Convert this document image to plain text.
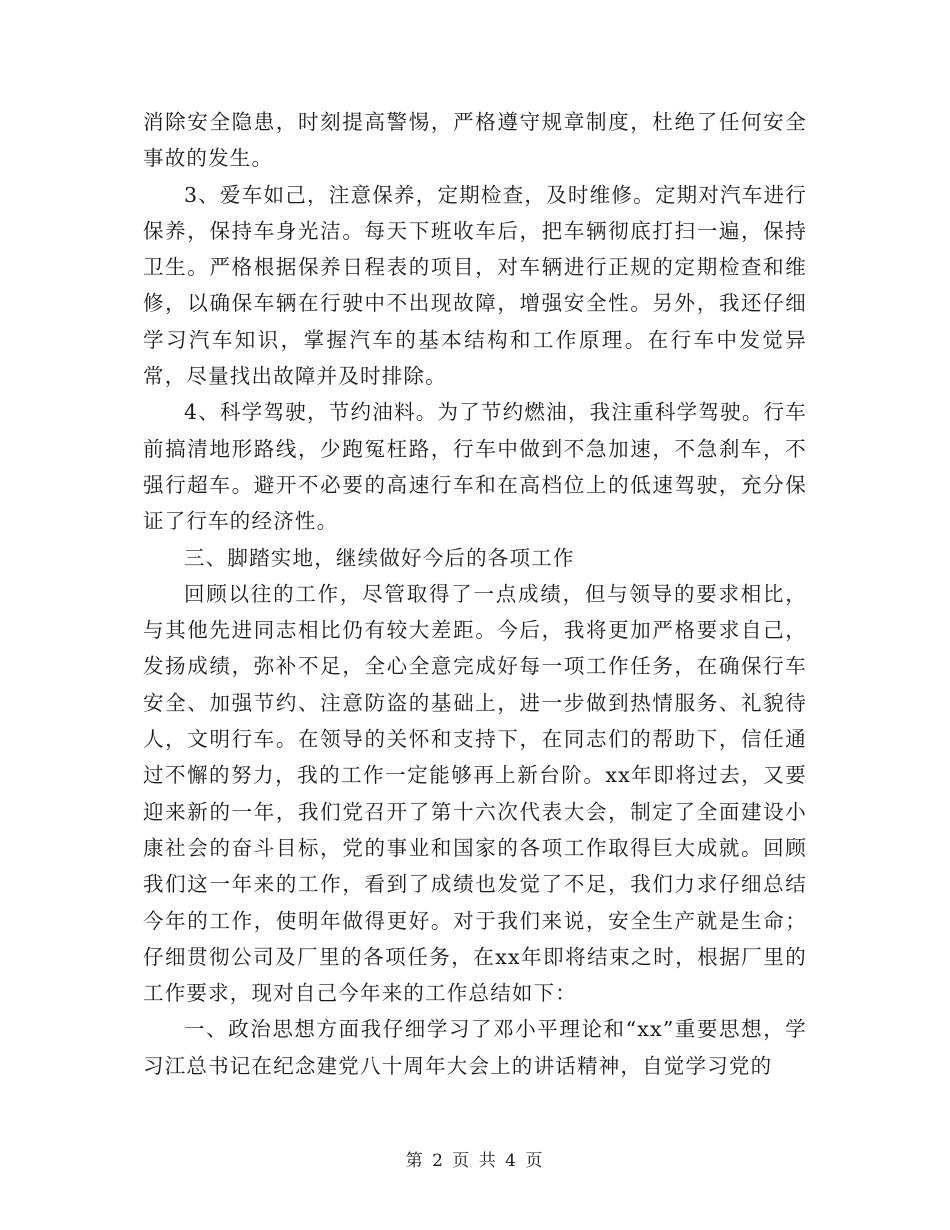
消除安全隐患，时刻提高警惕，严格遵守规章制度，杜绝了任何安全事故的发生。

3、爱车如己，注意保养，定期检查，及时维修。定期对汽车进行保养，保持车身光洁。每天下班收车后，把车辆彻底打扫一遍，保持卫生。严格根据保养日程表的项目，对车辆进行正规的定期检查和维修，以确保车辆在行驶中不出现故障，增强安全性。另外，我还仔细学习汽车知识，掌握汽车的基本结构和工作原理。在行车中发觉异常，尽量找出故障并及时排除。

4、科学驾驶，节约油料。为了节约燃油，我注重科学驾驶。行车前搞清地形路线，少跑冤枉路，行车中做到不急加速，不急刹车，不强行超车。避开不必要的高速行车和在高档位上的低速驾驶，充分保证了行车的经济性。

三、脚踏实地，继续做好今后的各项工作

回顾以往的工作，尽管取得了一点成绩，但与领导的要求相比，与其他先进同志相比仍有较大差距。今后，我将更加严格要求自己，发扬成绩，弥补不足，全心全意完成好每一项工作任务，在确保行车安全、加强节约、注意防盗的基础上，进一步做到热情服务、礼貌待人，文明行车。在领导的关怀和支持下，在同志们的帮助下，信任通过不懈的努力，我的工作一定能够再上新台阶。xx年即将过去，又要迎来新的一年，我们党召开了第十六次代表大会，制定了全面建设小康社会的奋斗目标，党的事业和国家的各项工作取得巨大成就。回顾我们这一年来的工作，看到了成绩也发觉了不足，我们力求仔细总结今年的工作，使明年做得更好。对于我们来说，安全生产就是生命；仔细贯彻公司及厂里的各项任务，在xx年即将结束之时，根据厂里的工作要求，现对自己今年来的工作总结如下：

一、政治思想方面我仔细学习了邓小平理论和“xx”重要思想，学习江总书记在纪念建党八十周年大会上的讲话精神，自觉学习党的

第 2 页 共 4 页
